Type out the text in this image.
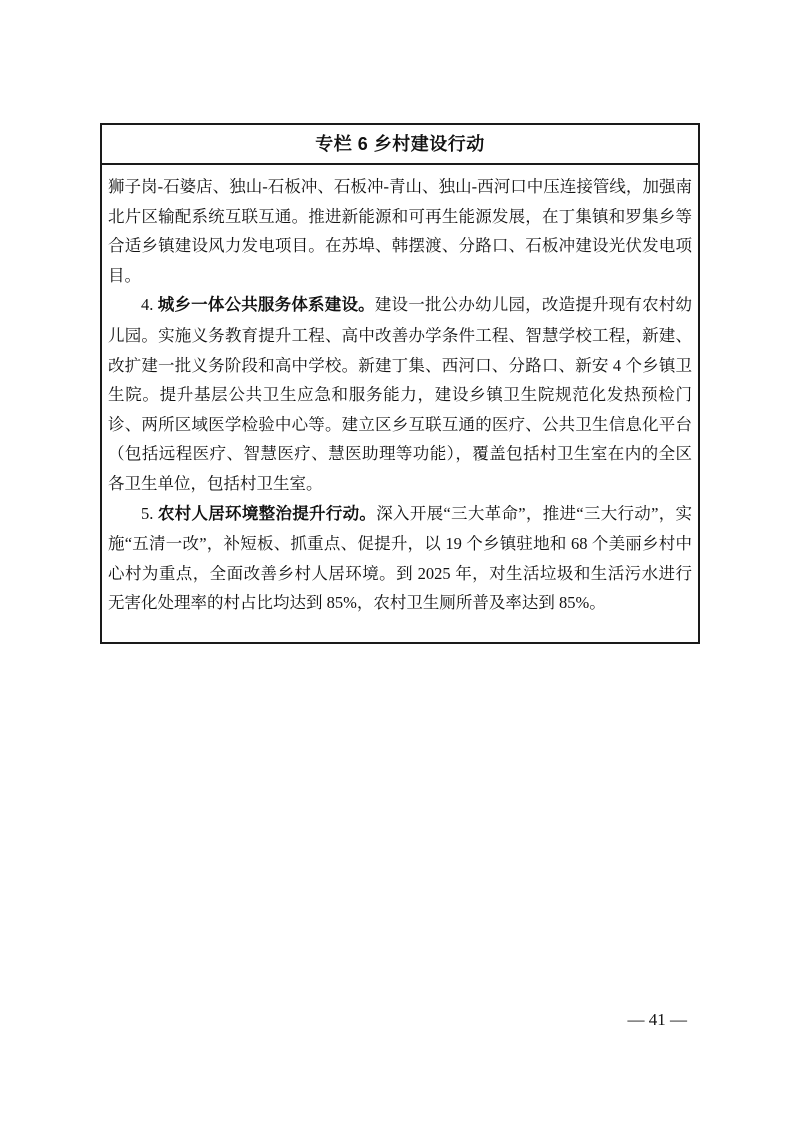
专栏 6 乡村建设行动

狮子岗-石婆店、独山-石板冲、石板冲-青山、独山-西河口中压连接管线，加强南北片区输配系统互联互通。推进新能源和可再生能源发展，在丁集镇和罗集乡等合适乡镇建设风力发电项目。在苏埠、韩摆渡、分路口、石板冲建设光伏发电项目。

4. 城乡一体公共服务体系建设。建设一批公办幼儿园，改造提升现有农村幼儿园。实施义务教育提升工程、高中改善办学条件工程、智慧学校工程，新建、改扩建一批义务阶段和高中学校。新建丁集、西河口、分路口、新安 4 个乡镇卫生院。提升基层公共卫生应急和服务能力，建设乡镇卫生院规范化发热预检门诊、两所区域医学检验中心等。建立区乡互联互通的医疗、公共卫生信息化平台（包括远程医疗、智慧医疗、慧医助理等功能），覆盖包括村卫生室在内的全区各卫生单位，包括村卫生室。

5. 农村人居环境整治提升行动。深入开展“三大革命”，推进“三大行动”，实施“五清一改”，补短板、抓重点、促提升，以 19 个乡镇驻地和 68 个美丽乡村中心村为重点，全面改善乡村人居环境。到 2025 年，对生活垃圾和生活污水进行无害化处理率的村占比均达到 85%，农村卫生厕所普及率达到 85%。

— 41 —
